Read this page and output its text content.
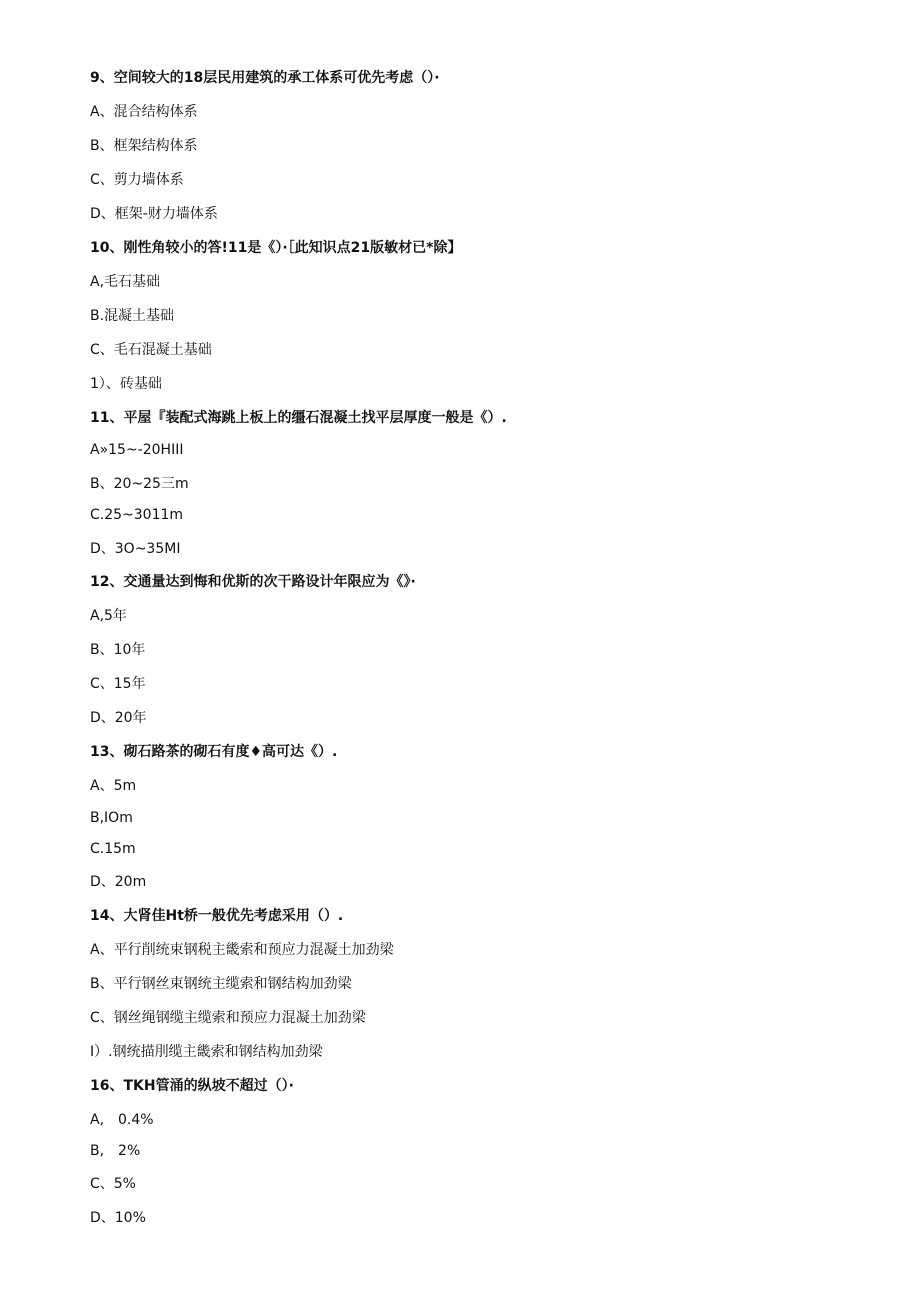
9、空间较大的18层民用建筑的承工体系可优先考虑（）·
A、混合结构体系
B、框架结构体系
C、剪力墙体系
D、框架-财力墙体系
10、刚性角较小的答!11是《）·［此知识点21版敏材已*除】
A,毛石基础
B.混凝土基础
C、毛石混凝土基础
1）、砖基础
11、平屋『装配式海跳上板上的缰石混凝土找平层厚度一般是《）.
A»15~-20HIII
B、20~25三m
C.25~3011m
D、3O~35MI
12、交通量达到悔和优斯的次干路设计年限应为《》·
A,5年
B、10年
C、15年
D、20年
13、砌石路茶的砌石有度♦高可达《）.
A、5m
B,IOm
C.15m
D、20m
14、大肾佳Ht桥一般优先考虑采用（）.
A、平行削统束钢税主畿索和预应力混凝土加劲梁
B、平行钢丝束钢统主缆索和钢结构加劲梁
C、钢丝绳钢缆主缆索和预应力混凝土加劲梁
I）.钢统描刖缆主畿索和钢结构加劲梁
16、TKH管涌的纵坡不超过（）·
A,　0.4%
B,　2%
C、5%
D、10%
